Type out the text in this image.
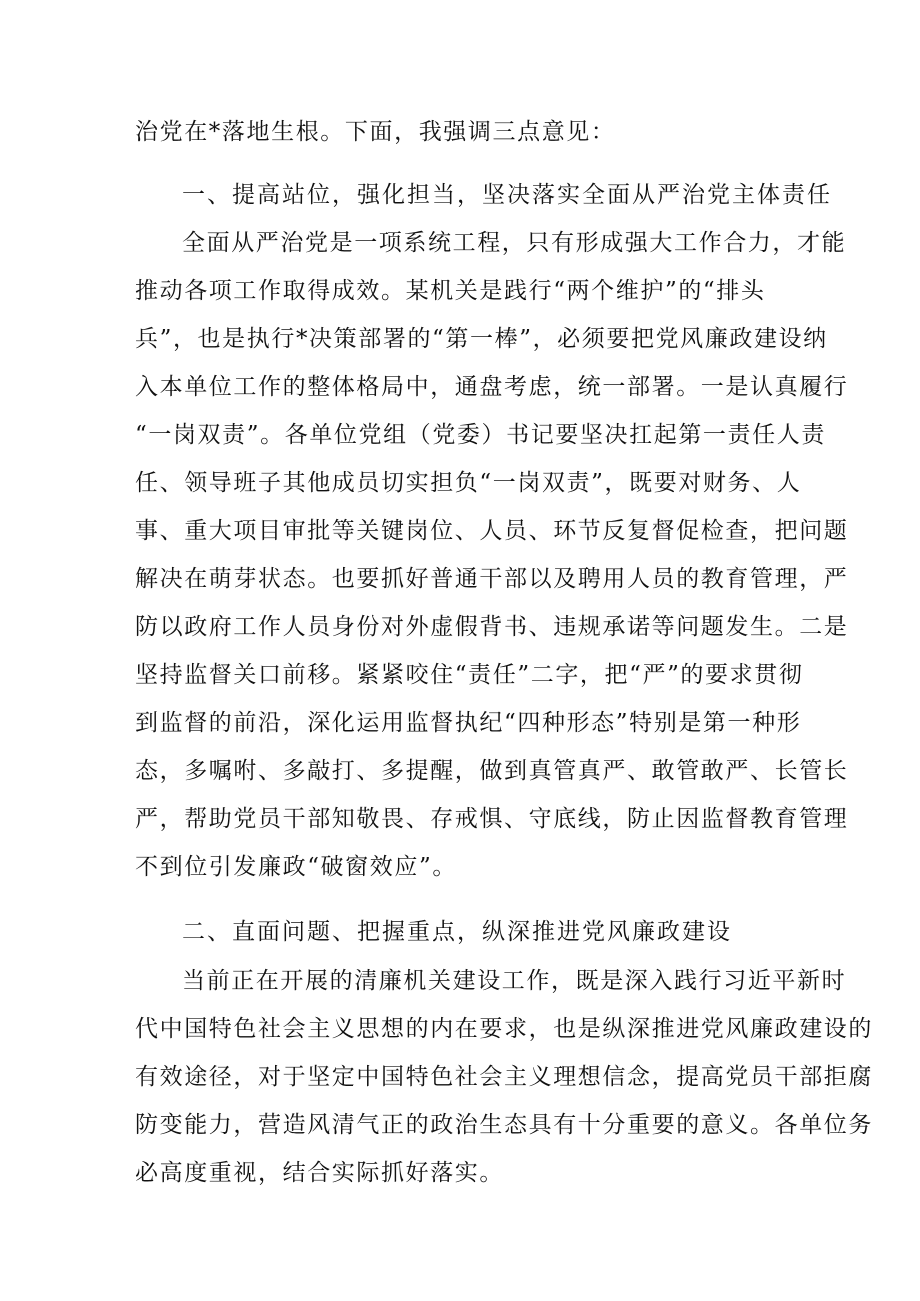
治党在*落地生根。下面，我强调三点意见：
一、提高站位，强化担当，坚决落实全面从严治党主体责任
全面从严治党是一项系统工程，只有形成强大工作合力，才能
推动各项工作取得成效。某机关是践行“两个维护”的“排头
兵”，也是执行*决策部署的“第一棒”，必须要把党风廉政建设纳
入本单位工作的整体格局中，通盘考虑，统一部署。一是认真履行
“一岗双责”。各单位党组（党委）书记要坚决扛起第一责任人责
任、领导班子其他成员切实担负“一岗双责”，既要对财务、人
事、重大项目审批等关键岗位、人员、环节反复督促检查，把问题
解决在萌芽状态。也要抓好普通干部以及聘用人员的教育管理，严
防以政府工作人员身份对外虚假背书、违规承诺等问题发生。二是
坚持监督关口前移。紧紧咬住“责任”二字，把“严”的要求贯彻
到监督的前沿，深化运用监督执纪“四种形态”特别是第一种形
态，多嘱咐、多敲打、多提醒，做到真管真严、敢管敢严、长管长
严，帮助党员干部知敬畏、存戒惧、守底线，防止因监督教育管理
不到位引发廉政“破窗效应”。
二、直面问题、把握重点，纵深推进党风廉政建设
当前正在开展的清廉机关建设工作，既是深入践行习近平新时
代中国特色社会主义思想的内在要求，也是纵深推进党风廉政建设的
有效途径，对于坚定中国特色社会主义理想信念，提高党员干部拒腐
防变能力，营造风清气正的政治生态具有十分重要的意义。各单位务
必高度重视，结合实际抓好落实。
